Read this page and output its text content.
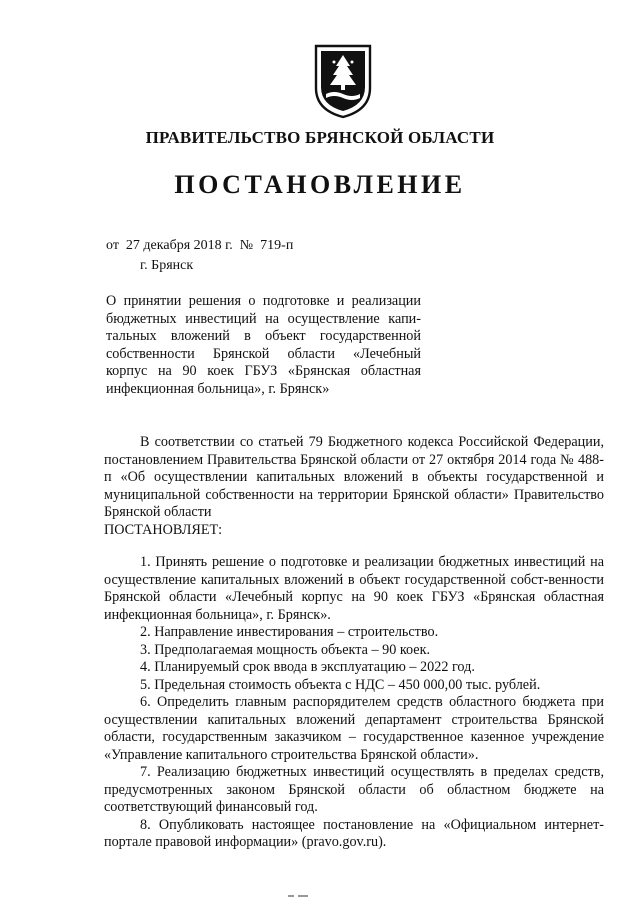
ПРАВИТЕЛЬСТВО БРЯНСКОЙ ОБЛАСТИ
ПОСТАНОВЛЕНИЕ
от  27 декабря 2018 г.  №  719-п
г. Брянск
О принятии решения о подготовке и реализации бюджетных инвестиций на осуществление капи-тальных вложений в объект государственной собственности Брянской области «Лечебный корпус на 90 коек ГБУЗ «Брянская областная инфекционная больница», г. Брянск»

В соответствии со статьей 79 Бюджетного кодекса Российской Федерации, постановлением Правительства Брянской области от 27 октября 2014 года № 488-п «Об осуществлении капитальных вложений в объекты государственной и муниципальной собственности на территории Брянской области» Правительство Брянской области

ПОСТАНОВЛЯЕТ:

1. Принять решение о подготовке и реализации бюджетных инвестиций на осуществление капитальных вложений в объект государственной собст-венности Брянской области «Лечебный корпус на 90 коек ГБУЗ «Брянская областная инфекционная больница», г. Брянск».

2. Направление инвестирования – строительство.

3. Предполагаемая мощность объекта – 90 коек.

4. Планируемый срок ввода в эксплуатацию – 2022 год.

5. Предельная стоимость объекта с НДС – 450 000,00 тыс. рублей.

6. Определить главным распорядителем средств областного бюджета при осуществлении капитальных вложений департамент строительства Брянской области, государственным заказчиком – государственное казенное учреждение «Управление капитального строительства Брянской области».

7. Реализацию бюджетных инвестиций осуществлять в пределах средств, предусмотренных законом Брянской области об областном бюджете на соответствующий финансовый год.

8. Опубликовать настоящее постановление на «Официальном интернет-портале правовой информации» (pravo.gov.ru).
